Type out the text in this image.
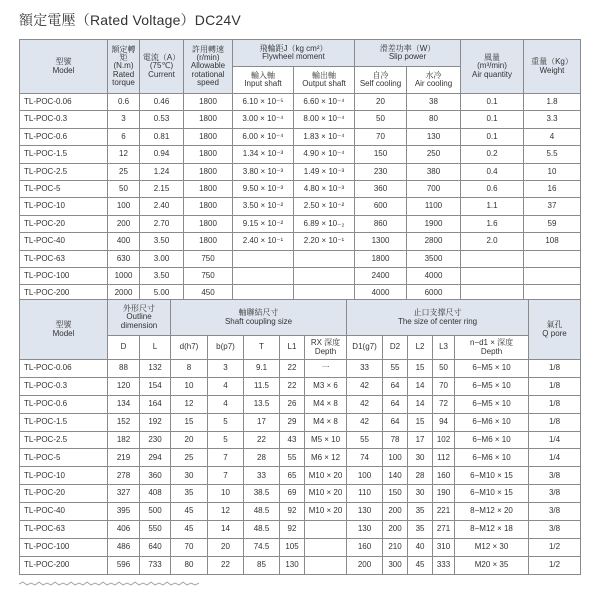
額定電壓（Rated Voltage）DC24V
型號
Model	額定轉矩
(N.m)
Rated
torque	電流（A）
(75℃)
Current	許用轉速
(r/min)
Allowable
rotational
speed	飛輪距J（kg cm²）
Flywheel moment		滑差功率（W）
Slip power		風量
(m³/min)
Air quantity	重量（Kg）
Weight
				輸入軸
Input shaft	輸出軸
Output shaft	自冷
Self cooling	水冷
Air cooling		
TL-POC-0.06	0.6	0.46	1800	6.10 × 10⁻⁵	6.60 × 10⁻⁴	20	38	0.1	1.8
TL-POC-0.3	3	0.53	1800	3.00 × 10⁻⁴	8.00 × 10⁻⁴	50	80	0.1	3.3
TL-POC-0.6	6	0.81	1800	6.00 × 10⁻⁴	1.83 × 10⁻⁴	70	130	0.1	4
TL-POC-1.5	12	0.94	1800	1.34 × 10⁻³	4.90 × 10⁻⁴	150	250	0.2	5.5
TL-POC-2.5	25	1.24	1800	3.80 × 10⁻³	1.49 × 10⁻³	230	380	0.4	10
TL-POC-5	50	2.15	1800	9.50 × 10⁻³	4.80 × 10⁻³	360	700	0.6	16
TL-POC-10	100	2.40	1800	3.50 × 10⁻²	2.50 × 10⁻²	600	1100	1.1	37
TL-POC-20	200	2.70	1800	9.15 × 10⁻²	6.89 × 10₋₂	860	1900	1.6	59
TL-POC-40	400	3.50	1800	2.40 × 10⁻¹	2.20 × 10⁻¹	1300	2800	2.0	108
TL-POC-63	630	3.00	750			1800	3500		
TL-POC-100	1000	3.50	750			2400	4000		
TL-POC-200	2000	5.00	450			4000	6000		
型號
Model	外形尺寸
Outline
dimension		軸聯結尺寸
Shaft coupling size					止口支撑尺寸
The size of center ring					氣孔
Q pore
	D	L	d(h7)	b(p7)	T	L1	RX 深度
Depth	D1(g7)	D2	L2	L3	n−d1 × 深度
Depth	
TL-POC-0.06	88	132	8	3	9.1	22	一	33	55	15	50	6−M5 × 10	1/8
TL-POC-0.3	120	154	10	4	11.5	22	M3 × 6	42	64	14	70	6−M5 × 10	1/8
TL-POC-0.6	134	164	12	4	13.5	26	M4 × 8	42	64	14	72	6−M5 × 10	1/8
TL-POC-1.5	152	192	15	5	17	29	M4 × 8	42	64	15	94	6−M6 × 10	1/8
TL-POC-2.5	182	230	20	5	22	43	M5 × 10	55	78	17	102	6−M6 × 10	1/4
TL-POC-5	219	294	25	7	28	55	M6 × 12	74	100	30	112	6−M6 × 10	1/4
TL-POC-10	278	360	30	7	33	65	M10 × 20	100	140	28	160	6−M10 × 15	3/8
TL-POC-20	327	408	35	10	38.5	69	M10 × 20	110	150	30	190	6−M10 × 15	3/8
TL-POC-40	395	500	45	12	48.5	92	M10 × 20	130	200	35	221	8−M12 × 20	3/8
TL-POC-63	406	550	45	14	48.5	92		130	200	35	271	8−M12 × 18	3/8
TL-POC-100	486	640	70	20	74.5	105		160	210	40	310	M12 × 30	1/2
TL-POC-200	596	733	80	22	85	130		200	300	45	333	M20 × 35	1/2
